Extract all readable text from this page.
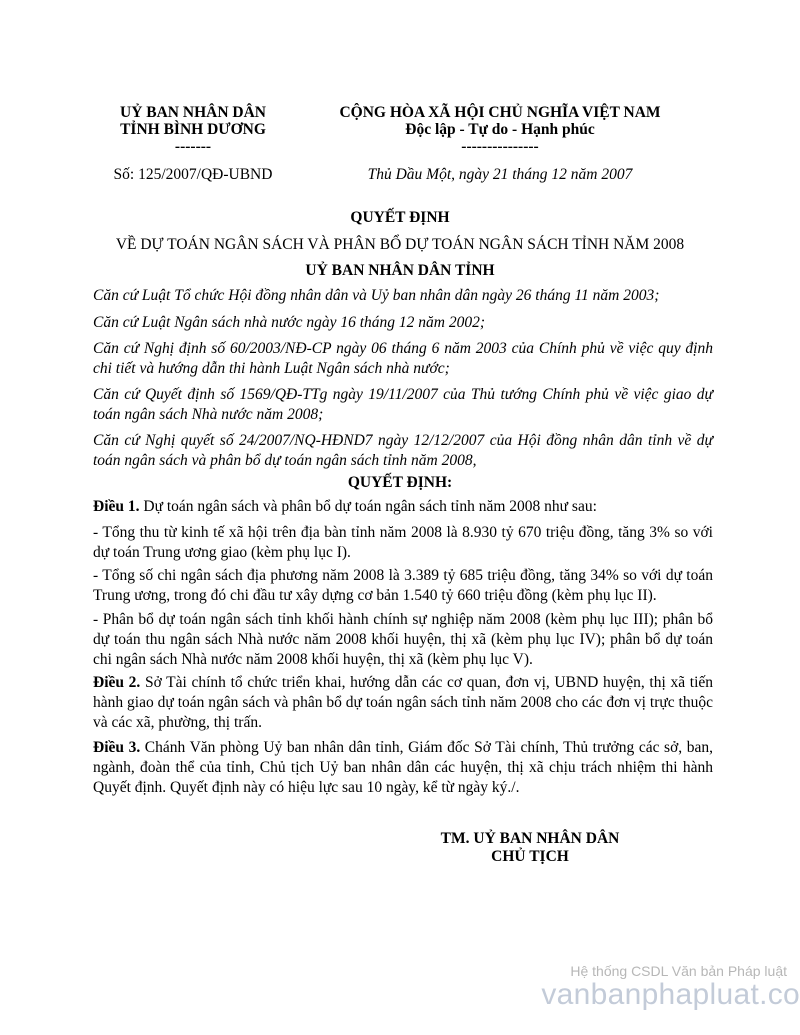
UỶ BAN NHÂN DÂN
TỈNH BÌNH DƯƠNG
-------
Số: 125/2007/QĐ-UBND
CỘNG HÒA XÃ HỘI CHỦ NGHĨA VIỆT NAM
Độc lập - Tự do - Hạnh phúc
---------------
Thủ Dầu Một, ngày 21 tháng 12 năm 2007
QUYẾT ĐỊNH
VỀ DỰ TOÁN NGÂN SÁCH VÀ PHÂN BỔ DỰ TOÁN NGÂN SÁCH TỈNH NĂM 2008
UỶ BAN NHÂN DÂN TỈNH
Căn cứ Luật Tổ chức Hội đồng nhân dân và Uỷ ban nhân dân ngày 26 tháng 11 năm 2003;
Căn cứ Luật Ngân sách nhà nước ngày 16 tháng 12 năm 2002;
Căn cứ Nghị định số 60/2003/NĐ-CP ngày 06 tháng 6 năm 2003 của Chính phủ về việc quy định chi tiết và hướng dẫn thi hành Luật Ngân sách nhà nước;
Căn cứ Quyết định số 1569/QĐ-TTg ngày 19/11/2007 của Thủ tướng Chính phủ về việc giao dự toán ngân sách Nhà nước năm 2008;
Căn cứ Nghị quyết số 24/2007/NQ-HĐND7 ngày 12/12/2007 của Hội đồng nhân dân tỉnh về dự toán ngân sách và phân bổ dự toán ngân sách tỉnh năm 2008,
QUYẾT ĐỊNH:
Điều 1. Dự toán ngân sách và phân bổ dự toán ngân sách tỉnh năm 2008 như sau:
- Tổng thu từ kinh tế xã hội trên địa bàn tỉnh năm 2008 là 8.930 tỷ 670 triệu đồng, tăng 3% so với dự toán Trung ương giao (kèm phụ lục I).
- Tổng số chi ngân sách địa phương năm 2008 là 3.389 tỷ 685 triệu đồng, tăng 34% so với dự toán Trung ương, trong đó chi đầu tư xây dựng cơ bản 1.540 tỷ 660 triệu đồng (kèm phụ lục II).
- Phân bổ dự toán ngân sách tỉnh khối hành chính sự nghiệp năm 2008 (kèm phụ lục III); phân bổ dự toán thu ngân sách Nhà nước năm 2008 khối huyện, thị xã (kèm phụ lục IV); phân bổ dự toán chi ngân sách Nhà nước năm 2008 khối huyện, thị xã (kèm phụ lục V).
Điều 2. Sở Tài chính tổ chức triển khai, hướng dẫn các cơ quan, đơn vị, UBND huyện, thị xã tiến hành giao dự toán ngân sách và phân bổ dự toán ngân sách tỉnh năm 2008 cho các đơn vị trực thuộc và các xã, phường, thị trấn.
Điều 3. Chánh Văn phòng Uỷ ban nhân dân tỉnh, Giám đốc Sở Tài chính, Thủ trưởng các sở, ban, ngành, đoàn thể của tỉnh, Chủ tịch Uỷ ban nhân dân các huyện, thị xã chịu trách nhiệm thi hành Quyết định. Quyết định này có hiệu lực sau 10 ngày, kể từ ngày ký./.
TM. UỶ BAN NHÂN DÂN
CHỦ TỊCH
Hệ thống CSDL Văn bản Pháp luật
vanbanphapluat.co
